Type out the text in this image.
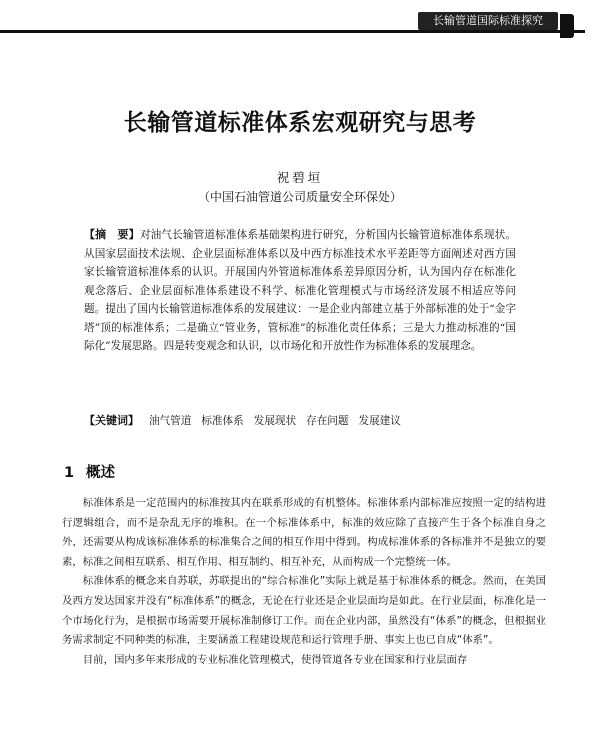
长输管道国际标准探究
长输管道标准体系宏观研究与思考
祝碧垣
（中国石油管道公司质量安全环保处）
【摘　要】对油气长输管道标准体系基础架构进行研究，分析国内长输管道标准体系现状。从国家层面技术法规、企业层面标准体系以及中西方标准技术水平差距等方面阐述对西方国家长输管道标准体系的认识。开展国内外管道标准体系差异原因分析，认为国内存在标准化观念落后、企业层面标准体系建设不科学、标准化管理模式与市场经济发展不相适应等问题。提出了国内长输管道标准体系的发展建议：一是企业内部建立基于外部标准的处于“金字塔”顶的标准体系；二是确立“管业务，管标准”的标准化责任体系；三是大力推动标准的“国际化”发展思路。四是转变观念和认识，以市场化和开放性作为标准体系的发展理念。
【关键词】 油气管道 标准体系 发展现状 存在问题 发展建议
1 概述

标准体系是一定范围内的标准按其内在联系形成的有机整体。标准体系内部标准应按照一定的结构进行逻辑组合，而不是杂乱无序的堆积。在一个标准体系中，标准的效应除了直接产生于各个标准自身之外，还需要从构成该标准体系的标准集合之间的相互作用中得到。构成标准体系的各标准并不是独立的要素，标准之间相互联系、相互作用、相互制约、相互补充，从而构成一个完整统一体。

标准体系的概念来自苏联，苏联提出的“综合标准化”实际上就是基于标准体系的概念。然而，在美国及西方发达国家并没有“标准体系”的概念，无论在行业还是企业层面均是如此。在行业层面，标准化是一个市场化行为，是根据市场需要开展标准制修订工作。而在企业内部，虽然没有“体系”的概念，但根据业务需求制定不同种类的标准，主要涵盖工程建设规范和运行管理手册、事实上也已自成“体系”。

目前，国内多年来形成的专业标准化管理模式，使得管道各专业在国家和行业层面存
